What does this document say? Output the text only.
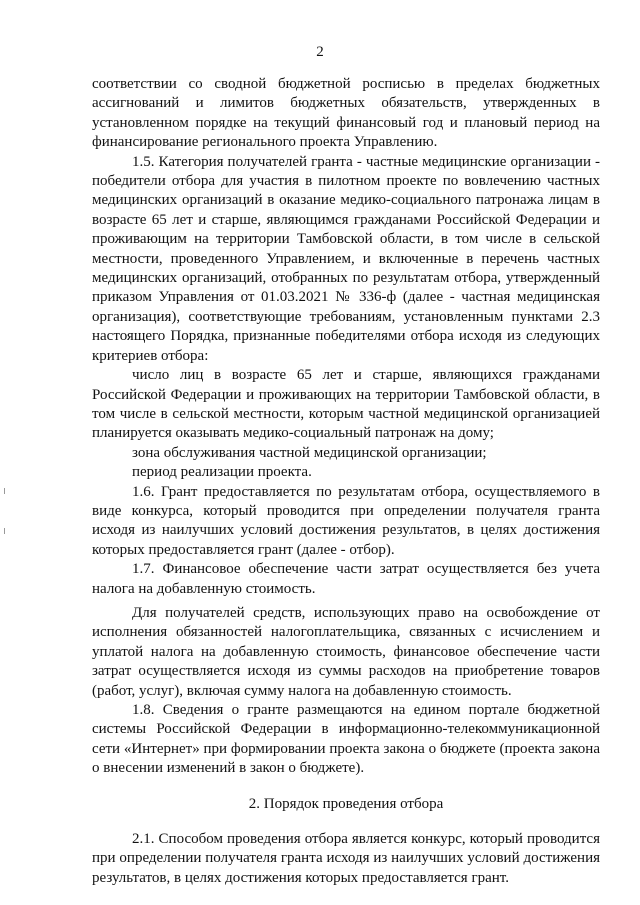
2

соответствии со сводной бюджетной росписью в пределах бюджетных ассигнований и лимитов бюджетных обязательств, утвержденных в установленном порядке на текущий финансовый год и плановый период на финансирование регионального проекта Управлению.

1.5. Категория получателей гранта - частные медицинские организации - победители отбора для участия в пилотном проекте по вовлечению частных медицинских организаций в оказание медико-социального патронажа лицам в возрасте 65 лет и старше, являющимся гражданами Российской Федерации и проживающим на территории Тамбовской области, в том числе в сельской местности, проведенного Управлением, и включенные в перечень частных медицинских организаций, отобранных по результатам отбора, утвержденный приказом Управления от 01.03.2021 № 336-ф (далее - частная медицинская организация), соответствующие требованиям, установленным пунктами 2.3 настоящего Порядка, признанные победителями отбора исходя из следующих критериев отбора:

число лиц в возрасте 65 лет и старше, являющихся гражданами Российской Федерации и проживающих на территории Тамбовской области, в том числе в сельской местности, которым частной медицинской организацией планируется оказывать медико-социальный патронаж на дому;

зона обслуживания частной медицинской организации;

период реализации проекта.

1.6. Грант предоставляется по результатам отбора, осуществляемого в виде конкурса, который проводится при определении получателя гранта исходя из наилучших условий достижения результатов, в целях достижения которых предоставляется грант (далее - отбор).

1.7. Финансовое обеспечение части затрат осуществляется без учета налога на добавленную стоимость.

Для получателей средств, использующих право на освобождение от исполнения обязанностей налогоплательщика, связанных с исчислением и уплатой налога на добавленную стоимость, финансовое обеспечение части затрат осуществляется исходя из суммы расходов на приобретение товаров (работ, услуг), включая сумму налога на добавленную стоимость.

1.8. Сведения о гранте размещаются на едином портале бюджетной системы Российской Федерации в информационно-телекоммуникационной сети «Интернет» при формировании проекта закона о бюджете (проекта закона о внесении изменений в закон о бюджете).

2. Порядок проведения отбора

2.1. Способом проведения отбора является конкурс, который проводится при определении получателя гранта исходя из наилучших условий достижения результатов, в целях достижения которых предоставляется грант.
